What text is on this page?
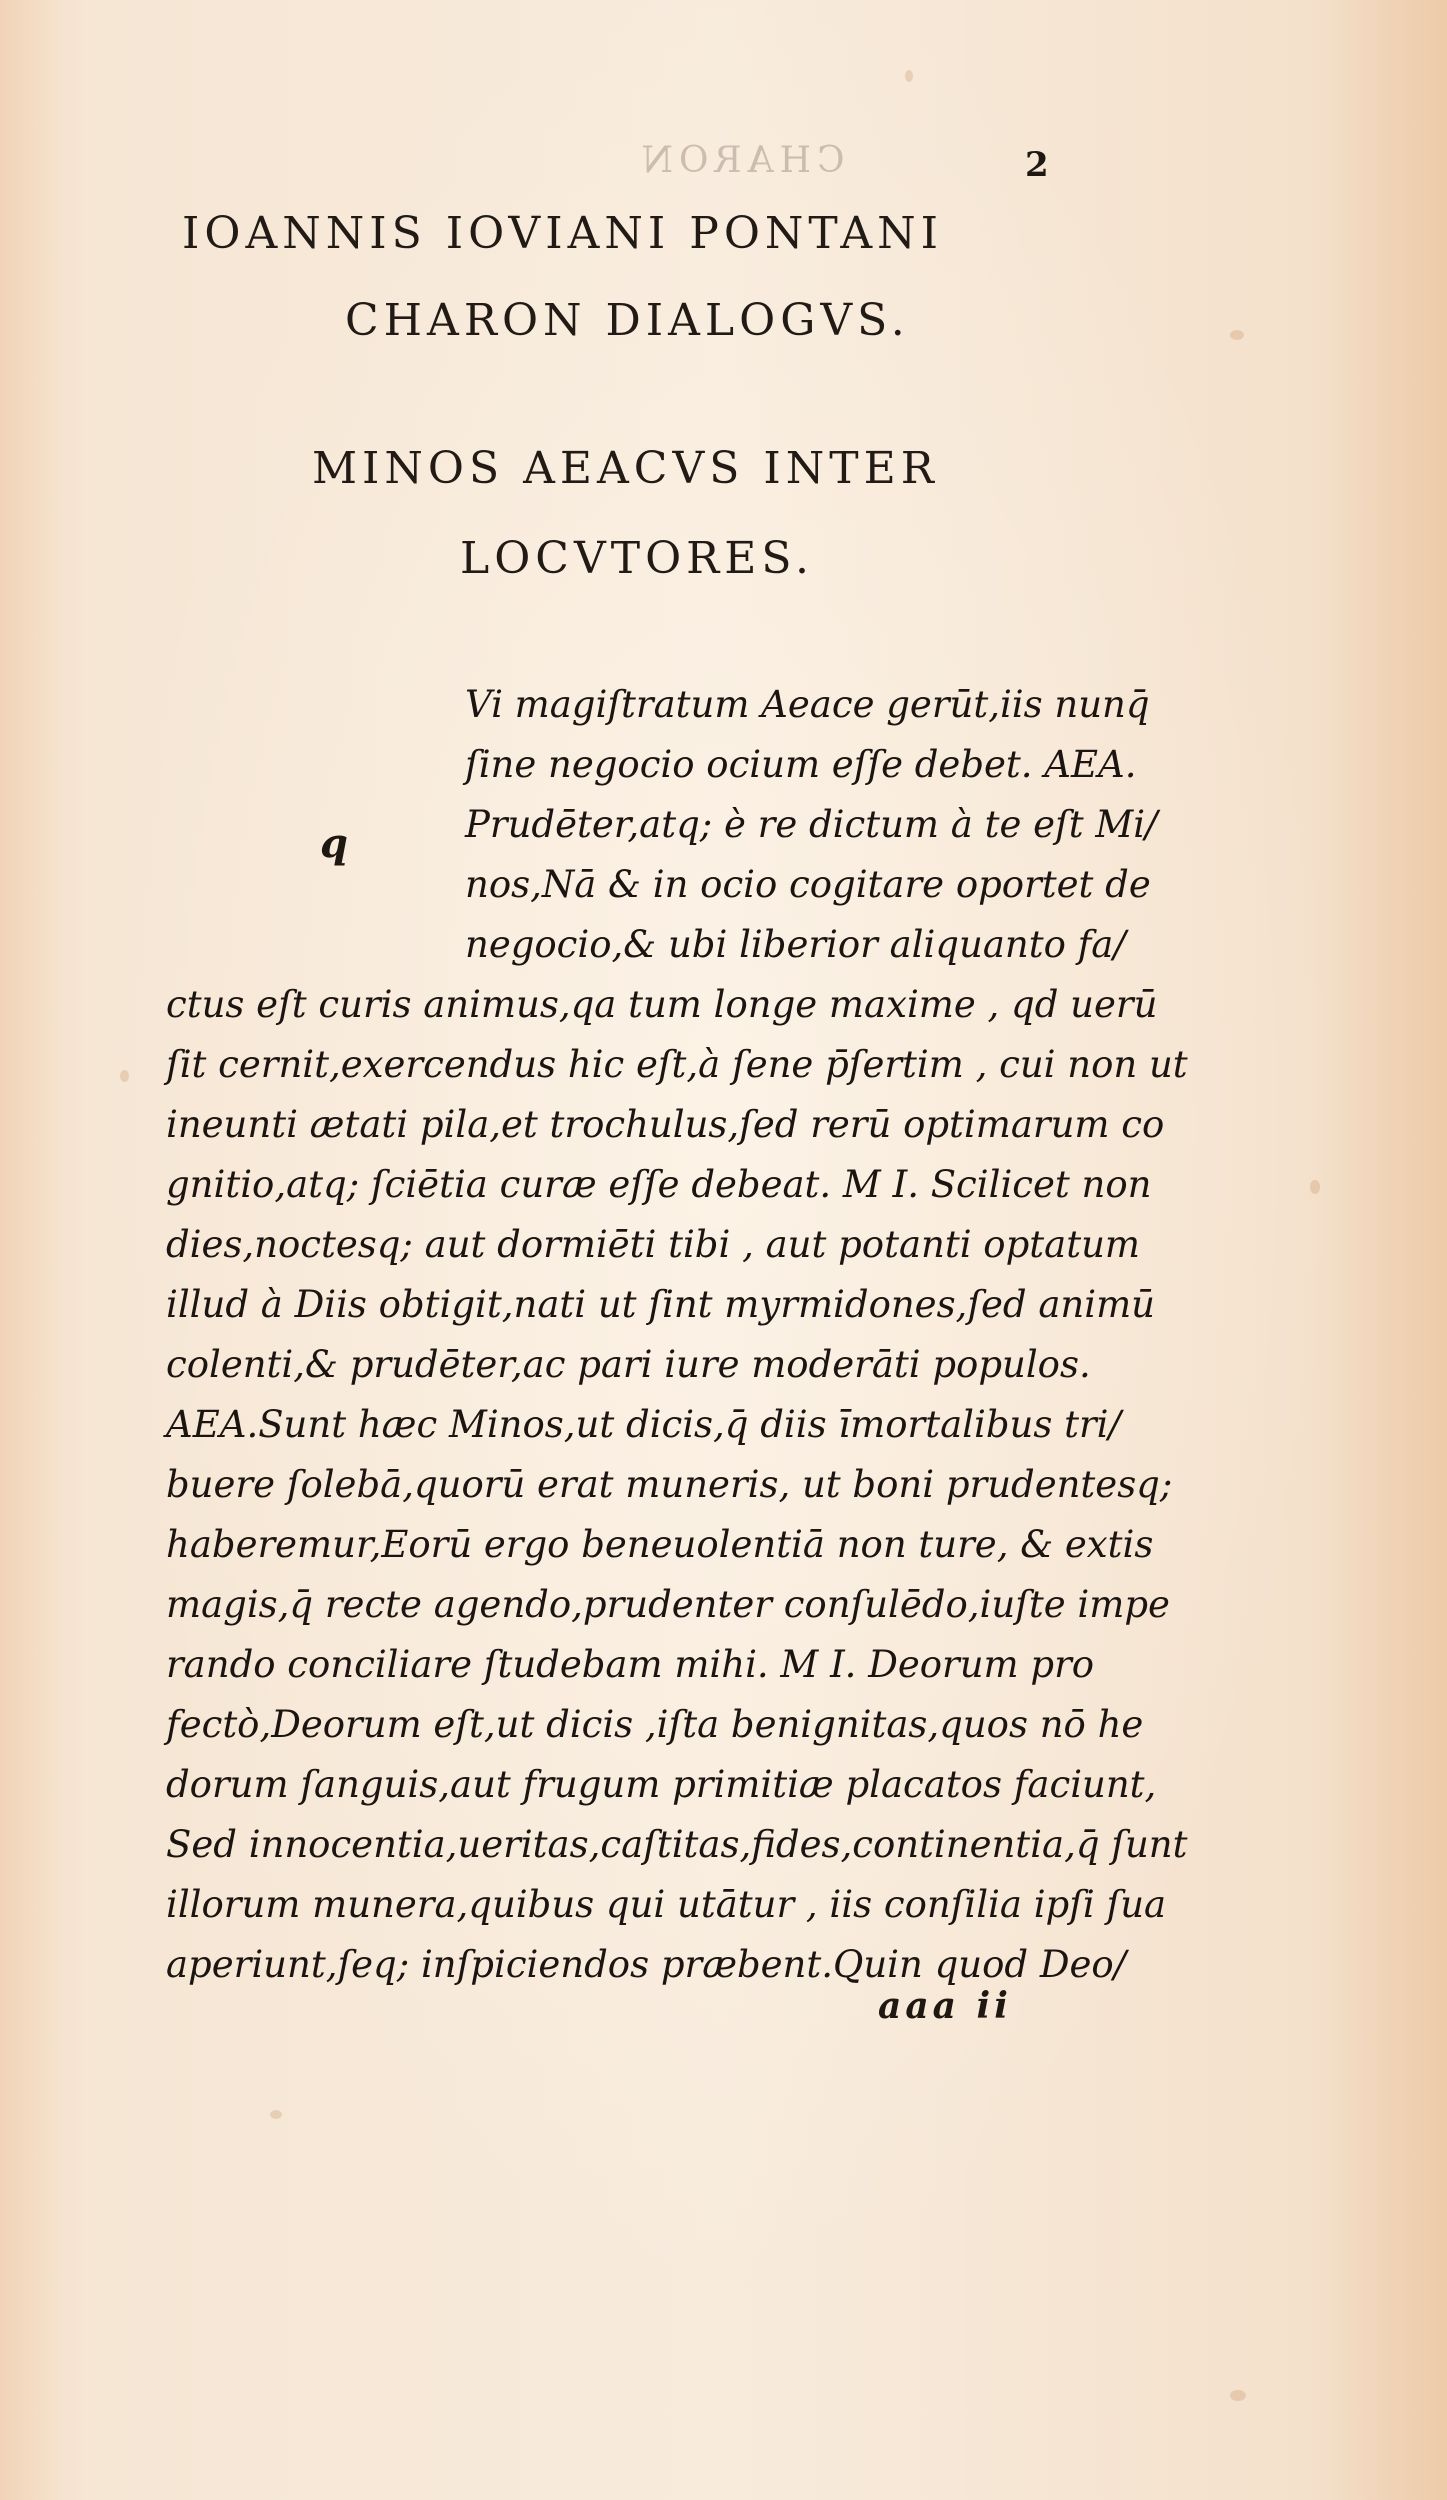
CHARON	2
IOANNIS IOVIANI PONTANI
CHARON DIALOGVS.
MINOS AEACVS INTER
LOCVTORES.
q
Vi magiſtratum Aeace gerūt,iis nunq̄
ſine negocio ocium eſſe debet. AEA.
Prudēter,atq; è re dictum à te eſt Mi/
nos,Nā & in ocio cogitare oportet de
negocio,& ubi liberior aliquanto fa/
ctus eſt curis animus,qa tum longe maxime , qd uerū
ſit cernit,exercendus hic eſt,à ſene p̄ſertim , cui non ut
ineunti ætati pila,et trochulus,ſed rerū optimarum co
gnitio,atq; ſciētia curæ eſſe debeat. M I. Scilicet non
dies,noctesq; aut dormiēti tibi , aut potanti optatum
illud à Diis obtigit,nati ut ſint myrmidones,ſed animū
colenti,& prudēter,ac pari iure moderāti populos.
AEA.Sunt hæc Minos,ut dicis,q̄ diis īmortalibus tri/
buere ſolebā,quorū erat muneris, ut boni prudentesq;
haberemur,Eorū ergo beneuolentiā non ture, & extis
magis,q̄ recte agendo,prudenter conſulēdo,iuſte impe
rando conciliare ſtudebam mihi. M I. Deorum pro
fectò,Deorum eſt,ut dicis ,iſta benignitas,quos nō he
dorum ſanguis,aut frugum primitiæ placatos faciunt,
Sed innocentia,ueritas,caſtitas,fides,continentia,q̄ ſunt
illorum munera,quibus qui utātur , iis conſilia ipſi ſua
aperiunt,ſeq; inſpiciendos præbent.Quin quod Deo/
aaa ii
